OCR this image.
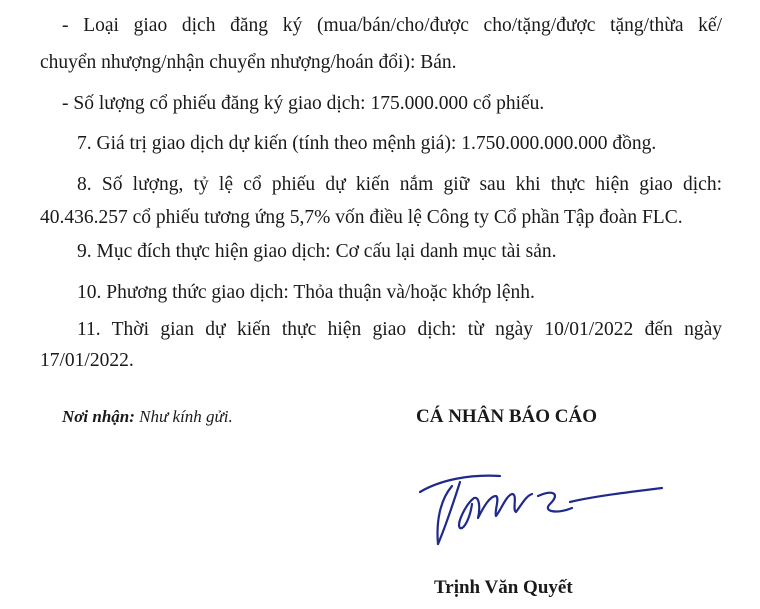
- Loại giao dịch đăng ký (mua/bán/cho/được cho/tặng/được tặng/thừa kế/
chuyển nhượng/nhận chuyển nhượng/hoán đổi): Bán.
- Số lượng cổ phiếu đăng ký giao dịch: 175.000.000 cổ phiếu.
7. Giá trị giao dịch dự kiến (tính theo mệnh giá): 1.750.000.000.000 đồng.
8. Số lượng, tỷ lệ cổ phiếu dự kiến nắm giữ sau khi thực hiện giao dịch:
40.436.257 cổ phiếu tương ứng 5,7% vốn điều lệ Công ty Cổ phần Tập đoàn FLC.
9. Mục đích thực hiện giao dịch: Cơ cấu lại danh mục tài sản.
10. Phương thức giao dịch: Thỏa thuận và/hoặc khớp lệnh.
11. Thời gian dự kiến thực hiện giao dịch: từ ngày 10/01/2022 đến ngày
17/01/2022.
Nơi nhận: Như kính gửi.	CÁ NHÂN BÁO CÁO
Trịnh Văn Quyết
